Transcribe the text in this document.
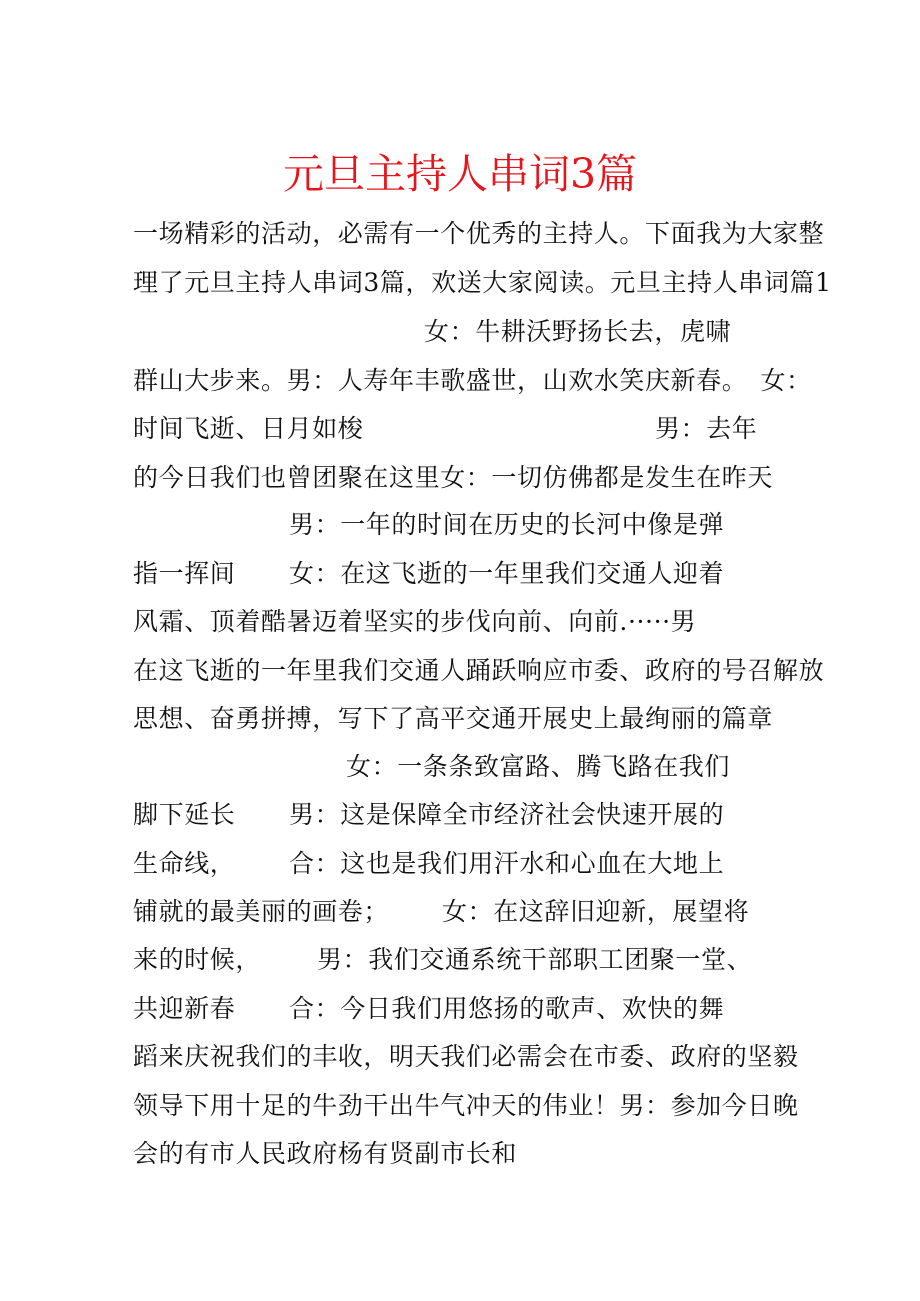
元旦主持人串词3篇
一场精彩的活动，必需有一个优秀的主持人。下面我为大家整
理了元旦主持人串词3篇，欢送大家阅读。元旦主持人串词篇1
女：牛耕沃野扬长去，虎啸
群山大步来。男：人寿年丰歌盛世，山欢水笑庆新春。　女：
时间飞逝、日月如梭	男：去年
的今日我们也曾团聚在这里女：一切仿佛都是发生在昨天
男：一年的时间在历史的长河中像是弹
指一挥间 女：在这飞逝的一年里我们交通人迎着
风霜、顶着酷暑迈着坚实的步伐向前、向前.·····男
在这飞逝的一年里我们交通人踊跃响应市委、政府的号召解放
思想、奋勇拼搏，写下了高平交通开展史上最绚丽的篇章
女：一条条致富路、腾飞路在我们
脚下延长 男：这是保障全市经济社会快速开展的
生命线， 合：这也是我们用汗水和心血在大地上
铺就的最美丽的画卷； 女：在这辞旧迎新，展望将
来的时候， 男：我们交通系统干部职工团聚一堂、
共迎新春 合：今日我们用悠扬的歌声、欢快的舞
蹈来庆祝我们的丰收，明天我们必需会在市委、政府的坚毅
领导下用十足的牛劲干出牛气冲天的伟业！男：参加今日晚
会的有市人民政府杨有贤副市长和
